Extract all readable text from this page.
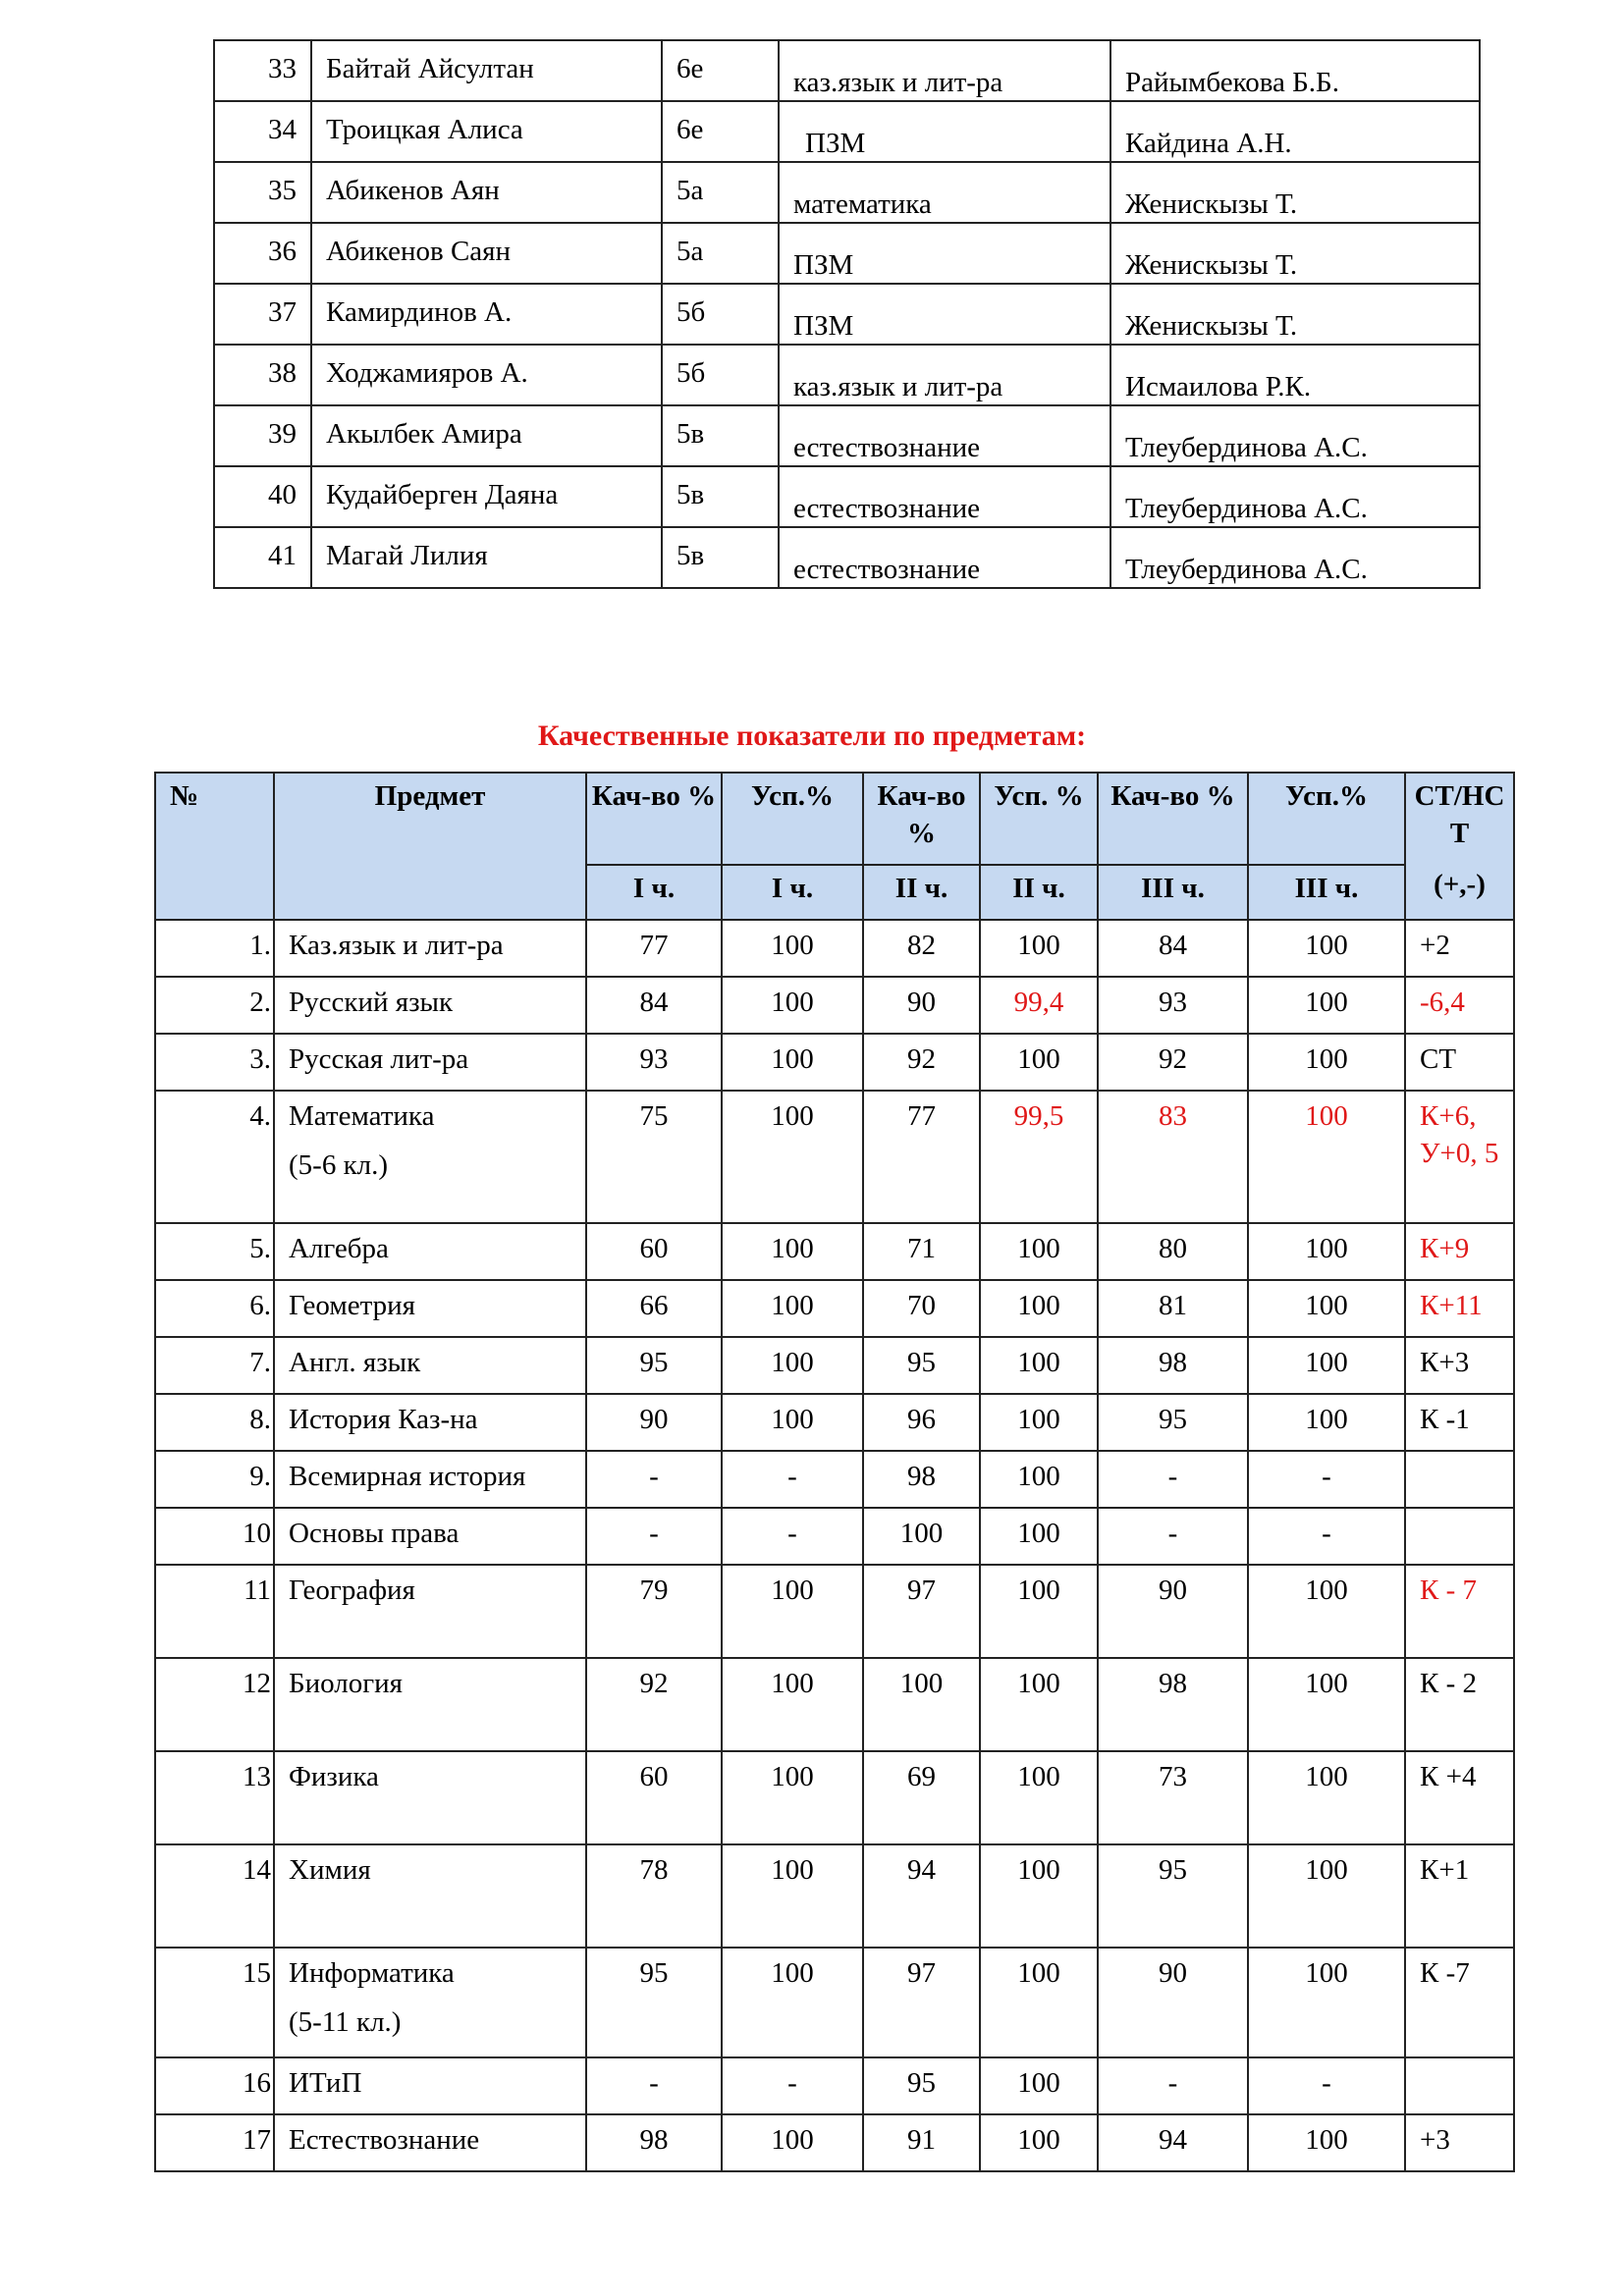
33	Байтай Айсултан	6е	каз.язык и лит-ра	Райымбекова Б.Б.
34	Троицкая Алиса	6е	ПЗМ	Кайдина А.Н.
35	Абикенов Аян	5а	математика	Женискызы Т.
36	Абикенов Саян	5а	ПЗМ	Женискызы Т.
37	Камирдинов А.	5б	ПЗМ	Женискызы Т.
38	Ходжамияров А.	5б	каз.язык и лит-ра	Исмаилова Р.К.
39	Акылбек Амира	5в	естествознание	Тлеубердинова А.С.
40	Кудайберген Даяна	5в	естествознание	Тлеубердинова А.С.
41	Магай Лилия	5в	естествознание	Тлеубердинова А.С.
Качественные показатели по предметам:
№	Предмет	Кач-во %	Усп.%	Кач-во %	Усп. %	Кач-во %	Усп.%	СТ/НСТ
(+,-)

		I ч.	I ч.	II ч.	II ч.	III ч.	III ч.	
1.	Каз.язык и лит-ра	77	100	82	100	84	100	+2
2.	Русский язык	84	100	90	99,4	93	100	-6,4
3.	Русская лит-ра	93	100	92	100	92	100	СТ
4.	Математика
(5-6 кл.)	75	100	77	99,5	83	100	К+6, У+0, 5
5.	Алгебра	60	100	71	100	80	100	К+9
6.	Геометрия	66	100	70	100	81	100	К+11
7.	Англ. язык	95	100	95	100	98	100	К+3
8.	История Каз-на	90	100	96	100	95	100	К -1
9.	Всемирная история	-	-	98	100	-	-	
10	Основы права	-	-	100	100	-	-	
11	География	79	100	97	100	90	100	К - 7
12	Биология	92	100	100	100	98	100	К - 2
13	Физика	60	100	69	100	73	100	К +4
14	Химия	78	100	94	100	95	100	К+1
15	Информатика
(5-11 кл.)	95	100	97	100	90	100	К -7
16	ИТиП	-	-	95	100	-	-	
17	Естествознание	98	100	91	100	94	100	+3
